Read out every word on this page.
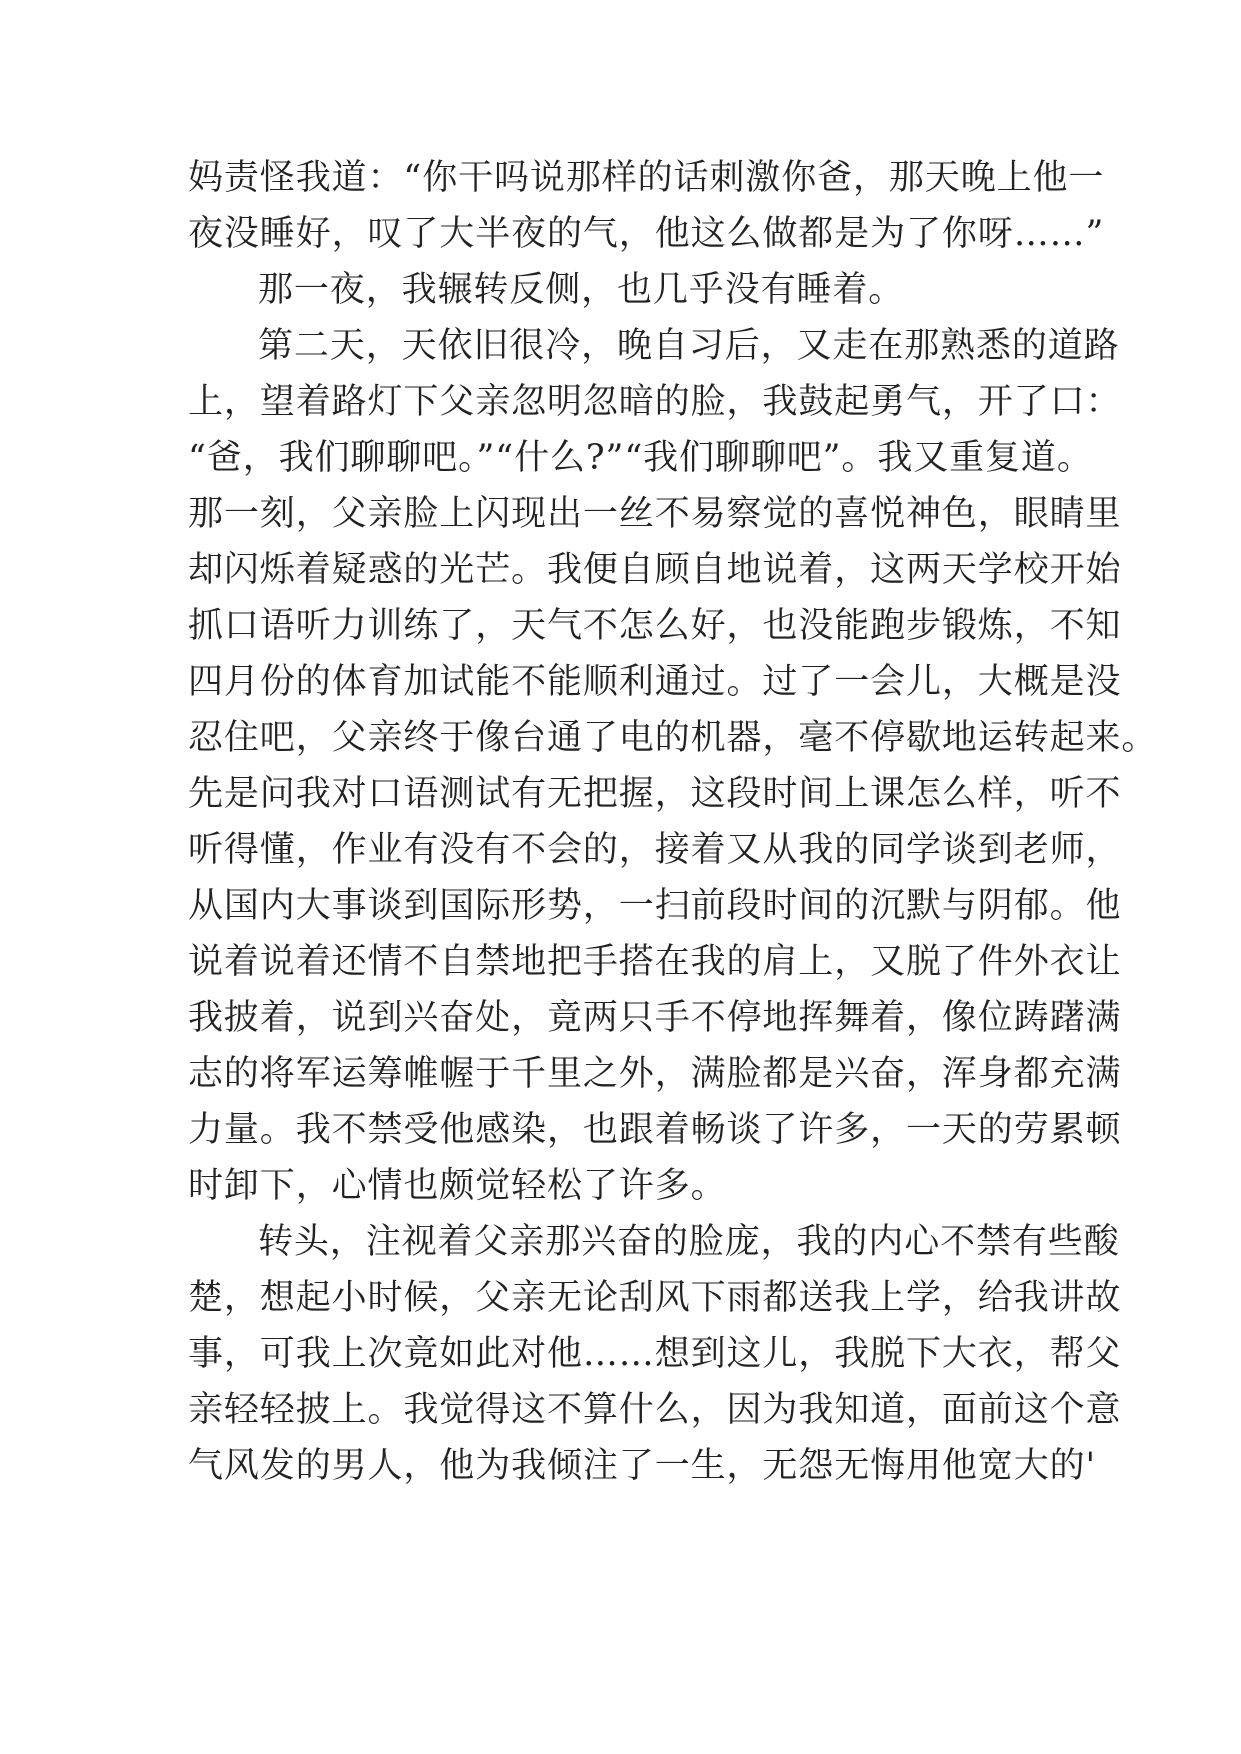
妈责怪我道：“你干吗说那样的话刺激你爸，那天晚上他一
夜没睡好，叹了大半夜的气，他这么做都是为了你呀……”
那一夜，我辗转反侧，也几乎没有睡着。
第二天，天依旧很冷，晚自习后，又走在那熟悉的道路
上，望着路灯下父亲忽明忽暗的脸，我鼓起勇气，开了口：
“爸，我们聊聊吧。”“什么?”“我们聊聊吧”。我又重复道。
那一刻，父亲脸上闪现出一丝不易察觉的喜悦神色，眼睛里
却闪烁着疑惑的光芒。我便自顾自地说着，这两天学校开始
抓口语听力训练了，天气不怎么好，也没能跑步锻炼，不知
四月份的体育加试能不能顺利通过。过了一会儿，大概是没
忍住吧，父亲终于像台通了电的机器，毫不停歇地运转起来。
先是问我对口语测试有无把握，这段时间上课怎么样，听不
听得懂，作业有没有不会的，接着又从我的同学谈到老师，
从国内大事谈到国际形势，一扫前段时间的沉默与阴郁。他
说着说着还情不自禁地把手搭在我的肩上，又脱了件外衣让
我披着，说到兴奋处，竟两只手不停地挥舞着，像位踌躇满
志的将军运筹帷幄于千里之外，满脸都是兴奋，浑身都充满
力量。我不禁受他感染，也跟着畅谈了许多，一天的劳累顿
时卸下，心情也颇觉轻松了许多。
转头，注视着父亲那兴奋的脸庞，我的内心不禁有些酸
楚，想起小时候，父亲无论刮风下雨都送我上学，给我讲故
事，可我上次竟如此对他……想到这儿，我脱下大衣，帮父
亲轻轻披上。我觉得这不算什么，因为我知道，面前这个意
气风发的男人，他为我倾注了一生，无怨无悔用他宽大的'
